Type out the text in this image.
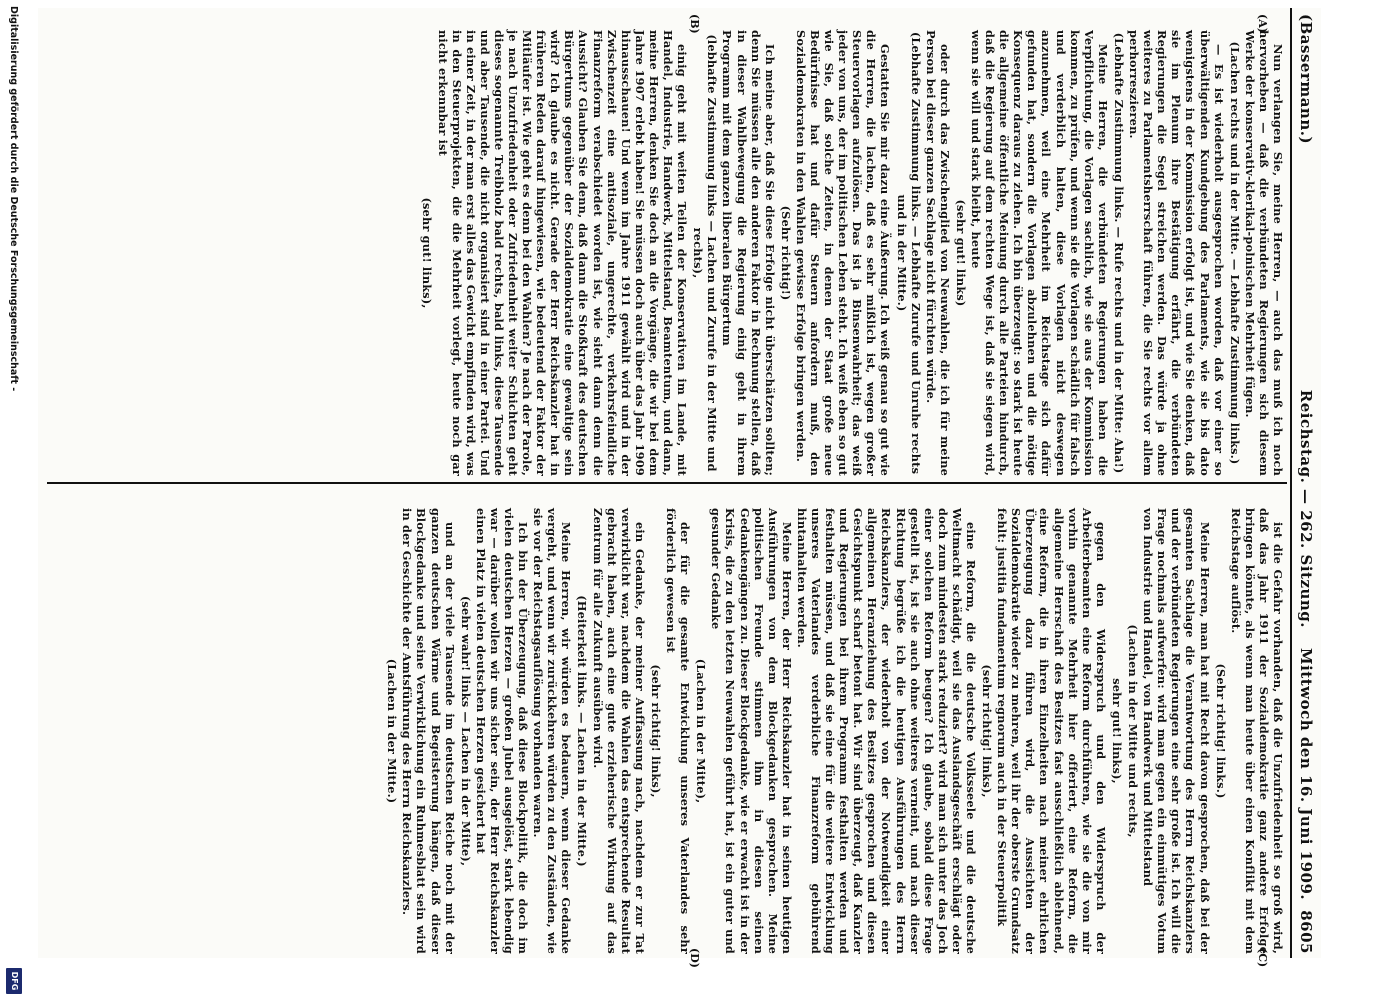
(Bassermann.)
Reichstag. — 262. Sitzung.
Mittwoch den 16. Juni 1909.
8605
(A)
(B)
(C)
(D)

Nun verlangen Sie, meine Herren, — auch das muß ich noch hervorheben — daß die verbündeten Regierungen sich diesem Werke der konservativ-klerikal-polnischen Mehrheit fügen.

(Lachen rechts und in der Mitte. — Lebhafte Zustimmung links.)

— Es ist wiederholt ausgesprochen worden, daß vor einer so überwältigenden Kundgebung des Parlaments, wie sie bis dato wenigstens in der Kommission erfolgt ist, und wie Sie denken, daß sie im Plenum ihre Bestätigung erfährt, die verbündeten Regierungen die Segel streichen werden. Das würde ja ohne weiteres zu Parlamentsherrschaft führen, die Sie rechts vor allem perhorreszieren.

(Lebhafte Zustimmung links. — Rufe rechts und in der Mitte: Aha!)

Meine Herren, die verbündeten Regierungen haben die Verpflichtung, die Vorlagen sachlich, wie sie aus der Kommission kommen, zu prüfen, und wenn sie die Vorlagen schädlich für falsch und verderblich halten, diese Vorlagen nicht deswegen anzunehmen, weil eine Mehrheit im Reichstage sich dafür gefunden hat, sondern die Vorlagen abzulehnen und die nötige Konsequenz daraus zu ziehen. Ich bin überzeugt: so stark ist heute die allgemeine öffentliche Meinung durch alle Parteien hindurch, daß die Regierung auf dem rechten Wege ist, daß sie siegen wird, wenn sie will und stark bleibt, heute

(sehr gut! links)

oder durch das Zwischenglied von Neuwahlen, die ich für meine Person bei dieser ganzen Sachlage nicht fürchten würde.

(Lebhafte Zustimmung links. — Lebhafte Zurufe und Unruhe rechts und in der Mitte.)

Gestatten Sie mir dazu eine Äußerung. Ich weiß genau so gut wie die Herren, die lachen, daß es sehr mißlich ist, wegen großer Steuervorlagen aufzulösen. Das ist ja Binsenwahrheit; das weiß jeder von uns, der im politischen Leben steht. Ich weiß eben so gut wie Sie, daß solche Zeiten, in denen der Staat große neue Bedürfnisse hat und dafür Steuern anfordern muß, den Sozialdemokraten in den Wahlen gewisse Erfolge bringen werden.

(Sehr richtig!)

Ich meine aber, daß Sie diese Erfolge nicht überschätzen sollten; denn Sie müssen alle den anderen Faktor in Rechnung stellen, daß in dieser Wahlbewegung die Regierung einig geht in ihrem Programm mit dem ganzen liberalen Bürgertum

(lebhafte Zustimmung links — Lachen und Zurufe in der Mitte und rechts),

einig geht mit weiten Teilen der Konservativen im Lande, mit Handel, Industrie, Handwerk, Mittelstand, Beamtentum, und dann, meine Herren, denken Sie doch an die Vorgänge, die wir bei dem Jahre 1907 erlebt haben! Sie müssen doch auch über das Jahr 1909 hinausschauen! Und wenn im Jahre 1911 gewählt wird und in der Zwischenzeit eine antisoziale, ungerechte, verkehrsfeindliche Finanzreform verabschiedet worden ist, wie sieht dann denn die Aussicht? Glauben Sie denn, daß dann die Stoßkraft des deutschen Bürgertums gegenüber der Sozialdemokratie eine gewaltige sein wird? Ich glaube es nicht. Gerade der Herr Reichskanzler hat in früheren Reden darauf hingewiesen, wie bedeutend der Faktor der Mitläufer ist. Wie geht es denn bei den Wahlen? Je nach der Parole, je nach Unzufriedenheit oder Zufriedenheit weiter Schichten geht dieses sogenannte Treibholz bald rechts, bald links, diese Tausende und aber Tausende, die nicht organisiert sind in einer Partei. Und in einer Zeit, in der man erst alles das Gewicht empfinden wird, was in den Steuerprojekten, die die Mehrheit vorlegt, heute noch gar nicht erkennbar ist

(sehr gut! links),

ist die Gefahr vorhanden, daß die Unzufriedenheit so groß wird, daß das Jahr 1911 der Sozialdemokratie ganz andere Erfolge bringen könnte, als wenn man heute über einen Konflikt mit dem Reichstage auflöst.

(Sehr richtig! links.)

Meine Herren, man hat mit Recht davon gesprochen, daß bei der gesamten Sachlage die Verantwortung des Herrn Reichskanzlers und der verbündeten Regierungen eine sehr große ist. Ich will die Frage nochmals aufwerfen: wird man gegen ein einmütiges Votum von Industrie und Handel, von Handwerk und Mittelstand

(Lachen in der Mitte und rechts,

sehr gut! links),

gegen den Widerspruch und den Widerspruch der Arbeiterbeamten eine Reform durchführen, wie sie die von mir vorhin genannte Mehrheit hier offeriert, eine Reform, die allgemeine Herrschaft des Besitzes fast ausschließlich ablehnend, eine Reform, die in ihren Einzelheiten nach meiner ehrlichen Überzeugung dazu führen wird, die Aussichten der Sozialdemokratie wieder zu mehren, weil ihr der oberste Grundsatz fehlt: justitia fundamentum regnorum auch in der Steuerpolitik

(sehr richtig! links),

eine Reform, die die deutsche Volksseele und die deutsche Weltmacht schädigt, weil sie das Auslandsgeschäft erschlägt oder doch zum mindesten stark reduziert? wird man sich unter das Joch einer solchen Reform beugen? Ich glaube, sobald diese Frage gestellt ist, ist sie auch ohne weiteres verneint, und nach dieser Richtung begrüße ich die heutigen Ausführungen des Herrn Reichskanzlers, der wiederholt von der Notwendigkeit einer allgemeinen Heranziehung des Besitzes gesprochen und diesen Gesichtspunkt scharf betont hat. Wir sind überzeugt, daß Kanzler und Regierungen bei ihrem Programm festhalten werden und festhalten müssen, und daß sie eine für die weitere Entwicklung unseres Vaterlandes verderbliche Finanzreform gebührend hintanhalten werden.

Meine Herren, der Herr Reichskanzler hat in seinen heutigen Ausführungen von dem Blockgedanken gesprochen. Meine politischen Freunde stimmen ihm in diesen seinen Gedankengängen zu. Dieser Blockgedanke, wie er erwacht ist in der Krisis, die zu den letzten Neuwahlen geführt hat, ist ein guter und gesunder Gedanke

(Lachen in der Mitte),

der für die gesamte Entwicklung unseres Vaterlandes sehr förderlich gewesen ist

(sehr richtig! links),

ein Gedanke, der meiner Auffassung nach, nachdem er zur Tat verwirklicht war, nachdem die Wahlen das entsprechende Resultat gebracht haben, auch eine gute erzieherische Wirkung auf das Zentrum für alle Zukunft ausüben wird.

(Heiterkeit links. — Lachen in der Mitte.)

Meine Herren, wir würden es bedauern, wenn dieser Gedanke vergeht, und wenn wir zurückkehren würden zu den Zuständen, wie sie vor der Reichstagsauflösung vorhanden waren.

Ich bin der Überzeugung, daß diese Blockpolitik, die doch im vielen deutschen Herzen — großen Jubel ausgelöst, stark lebendig war — darüber wollen wir uns sicher sein, der Herr Reichskanzler einen Platz in vielen deutschen Herzen gesichert hat

(sehr wahr! links — Lachen in der Mitte),

und an der viele Tausende im deutschen Reiche noch mit der ganzen deutschen Wärme und Begeisterung hängen, daß dieser Blockgedanke und seine Verwirklichung ein Ruhmesblatt sein wird in der Geschichte der Amtsführung des Herrn Reichskanzlers.

(Lachen in der Mitte.)

Digitalisierung gefördert durch die Deutsche Forschungsgemeinschaft -
DFG
